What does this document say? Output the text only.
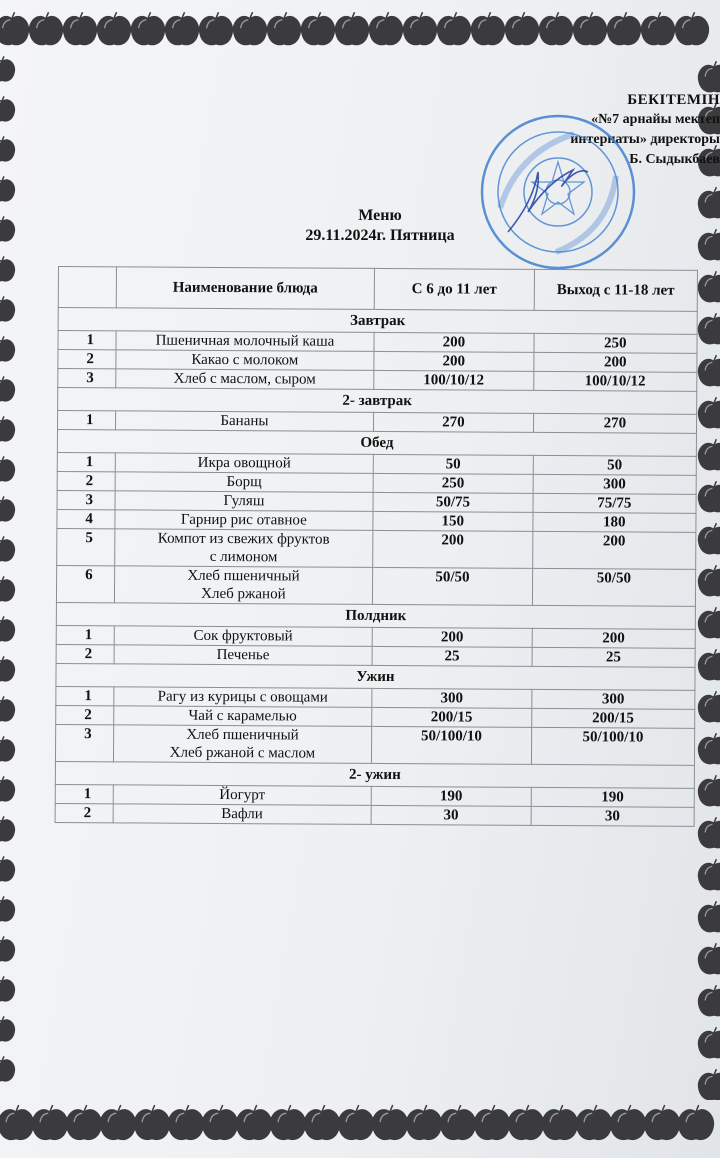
БЕКІТЕМІН
«№7 арнайы мектеп
интернаты» директоры
Б. Сыдыкбаев
Меню
29.11.2024г. Пятница
	Наименование блюда	С 6 до 11 лет	Выход с 11-18 лет
Завтрак			
1	Пшеничная молочный каша	200	250
2	Какао с молоком	200	200
3	Хлеб с маслом, сыром	100/10/12	100/10/12
2- завтрак			
1	Бананы	270	270
Обед			
1	Икра овощной	50	50
2	Борщ	250	300
3	Гуляш	50/75	75/75
4	Гарнир рис отавное	150	180
5	Компот из свежих фруктов
с лимоном	200	200
6	Хлеб пшеничный
Хлеб ржаной	50/50	50/50
Полдник			
1	Сок фруктовый	200	200
2	Печенье	25	25
Ужин			
1	Рагу из курицы с овощами	300	300
2	Чай с карамелью	200/15	200/15
3	Хлеб пшеничный
Хлеб ржаной с маслом	50/100/10	50/100/10
2- ужин			
1	Йогурт	190	190
2	Вафли	30	30
